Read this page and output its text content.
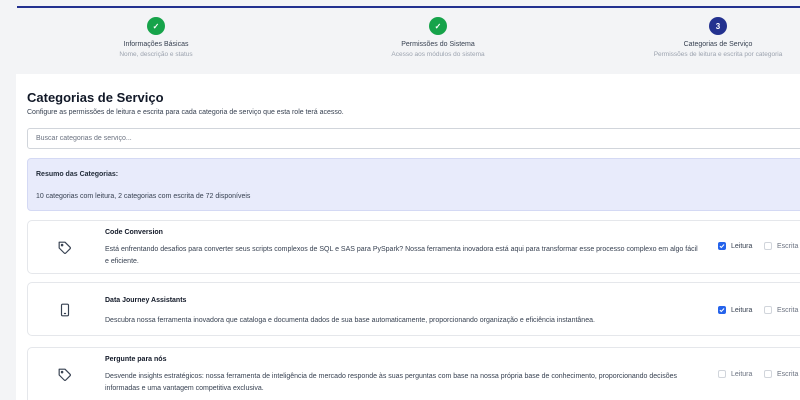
✓
Informações Básicas
Nome, descrição e status
✓
Permissões do Sistema
Acesso aos módulos do sistema
3
Categorias de Serviço
Permissões de leitura e escrita por categoria
Categorias de Serviço
Configure as permissões de leitura e escrita para cada categoria de serviço que esta role terá acesso.
Buscar categorias de serviço...
Resumo das Categorias:
10 categorias com leitura, 2 categorias com escrita de 72 disponíveis
Code Conversion
Está enfrentando desafios para converter seus scripts complexos de SQL e SAS para PySpark? Nossa ferramenta inovadora está aqui para transformar esse processo complexo em algo fácil e eficiente.
Leitura	Escrita
Data Journey Assistants
Descubra nossa ferramenta inovadora que cataloga e documenta dados de sua base automaticamente, proporcionando organização e eficiência instantânea.
Leitura	Escrita
Pergunte para nós
Desvende insights estratégicos: nossa ferramenta de inteligência de mercado responde às suas perguntas com base na nossa própria base de conhecimento, proporcionando decisões informadas e uma vantagem competitiva exclusiva.
Leitura	Escrita
